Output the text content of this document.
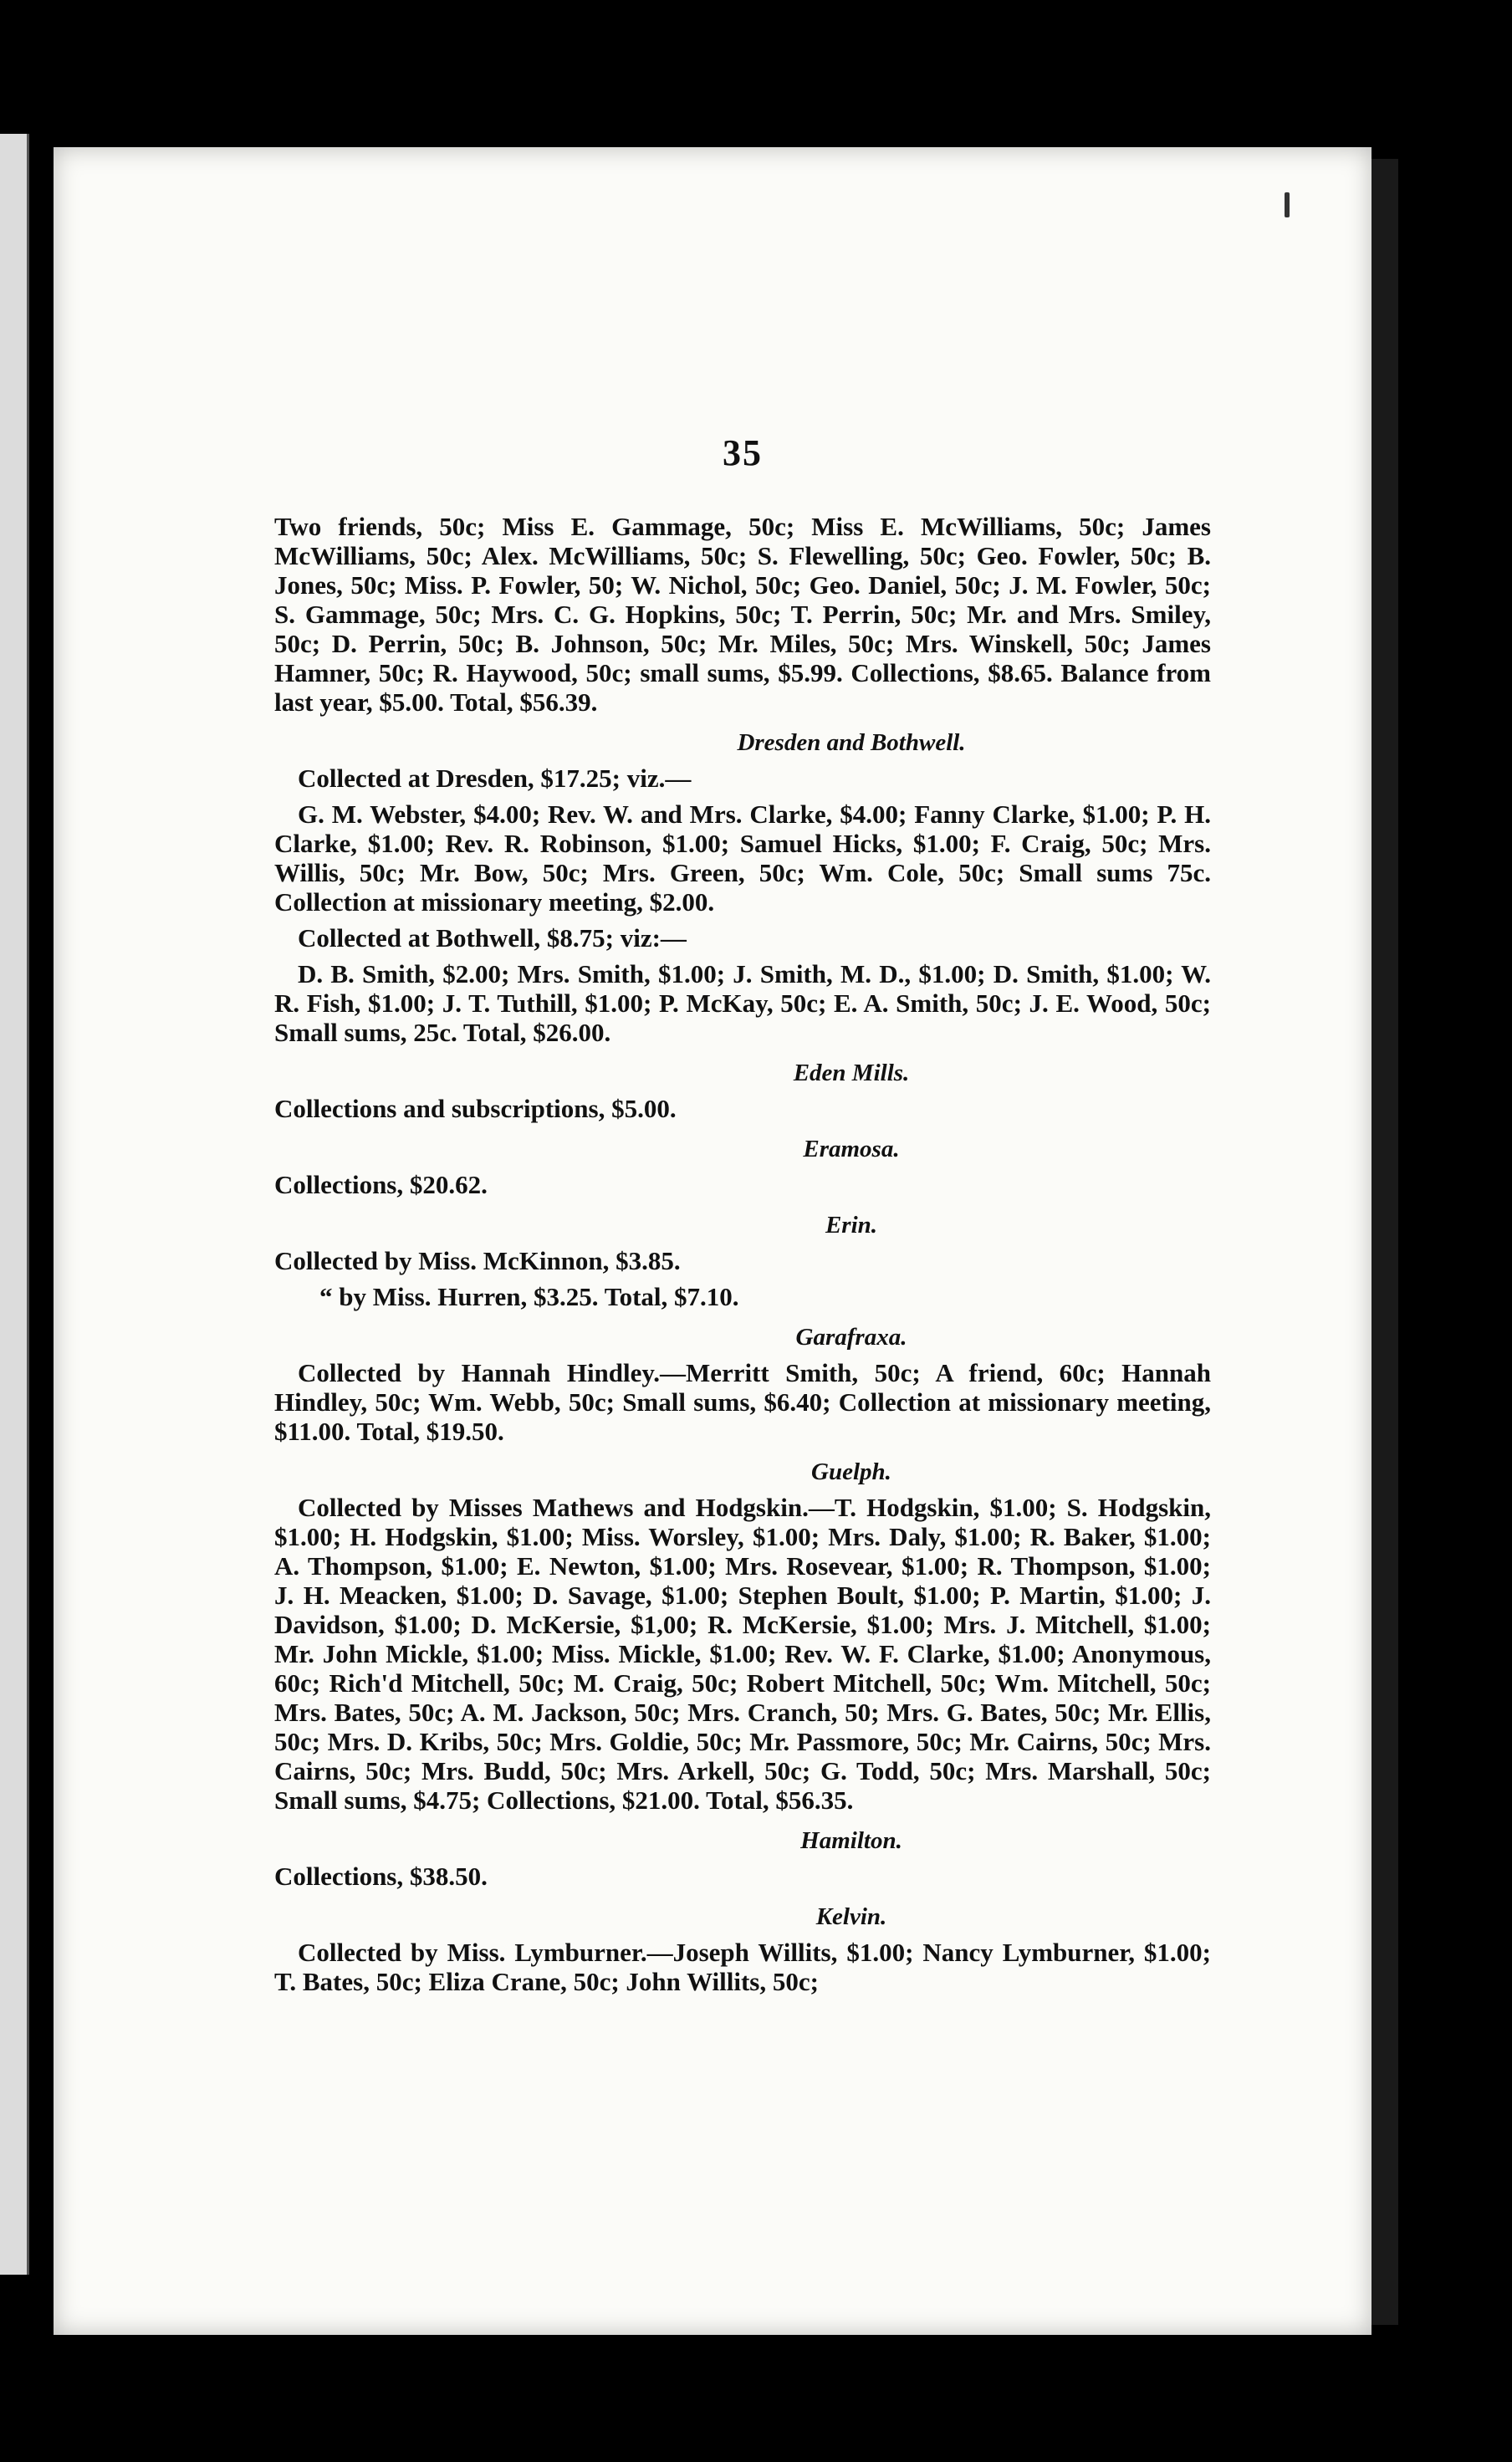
35

Two friends, 50c; Miss E. Gammage, 50c; Miss E. McWilliams, 50c; James McWilliams, 50c; Alex. McWilliams, 50c; S. Flewelling, 50c; Geo. Fowler, 50c; B. Jones, 50c; Miss. P. Fowler, 50; W. Nichol, 50c; Geo. Daniel, 50c; J. M. Fowler, 50c; S. Gammage, 50c; Mrs. C. G. Hopkins, 50c; T. Perrin, 50c; Mr. and Mrs. Smiley, 50c; D. Perrin, 50c; B. Johnson, 50c; Mr. Miles, 50c; Mrs. Winskell, 50c; James Hamner, 50c; R. Haywood, 50c; small sums, $5.99. Collections, $8.65. Balance from last year, $5.00. Total, $56.39.

Dresden and Bothwell.

Collected at Dresden, $17.25; viz.—

G. M. Webster, $4.00; Rev. W. and Mrs. Clarke, $4.00; Fanny Clarke, $1.00; P. H. Clarke, $1.00; Rev. R. Robinson, $1.00; Samuel Hicks, $1.00; F. Craig, 50c; Mrs. Willis, 50c; Mr. Bow, 50c; Mrs. Green, 50c; Wm. Cole, 50c; Small sums 75c. Collection at missionary meeting, $2.00.

Collected at Bothwell, $8.75; viz:—

D. B. Smith, $2.00; Mrs. Smith, $1.00; J. Smith, M. D., $1.00; D. Smith, $1.00; W. R. Fish, $1.00; J. T. Tuthill, $1.00; P. McKay, 50c; E. A. Smith, 50c; J. E. Wood, 50c; Small sums, 25c. Total, $26.00.

Eden Mills.

Collections and subscriptions, $5.00.

Eramosa.

Collections, $20.62.

Erin.

Collected by Miss. McKinnon, $3.85.

“ by Miss. Hurren, $3.25. Total, $7.10.

Garafraxa.

Collected by Hannah Hindley.—Merritt Smith, 50c; A friend, 60c; Hannah Hindley, 50c; Wm. Webb, 50c; Small sums, $6.40; Collection at missionary meeting, $11.00. Total, $19.50.

Guelph.

Collected by Misses Mathews and Hodgskin.—T. Hodgskin, $1.00; S. Hodgskin, $1.00; H. Hodgskin, $1.00; Miss. Worsley, $1.00; Mrs. Daly, $1.00; R. Baker, $1.00; A. Thompson, $1.00; E. Newton, $1.00; Mrs. Rosevear, $1.00; R. Thompson, $1.00; J. H. Meacken, $1.00; D. Savage, $1.00; Stephen Boult, $1.00; P. Martin, $1.00; J. Davidson, $1.00; D. McKersie, $1,00; R. McKersie, $1.00; Mrs. J. Mitchell, $1.00; Mr. John Mickle, $1.00; Miss. Mickle, $1.00; Rev. W. F. Clarke, $1.00; Anonymous, 60c; Rich'd Mitchell, 50c; M. Craig, 50c; Robert Mitchell, 50c; Wm. Mitchell, 50c; Mrs. Bates, 50c; A. M. Jackson, 50c; Mrs. Cranch, 50; Mrs. G. Bates, 50c; Mr. Ellis, 50c; Mrs. D. Kribs, 50c; Mrs. Goldie, 50c; Mr. Passmore, 50c; Mr. Cairns, 50c; Mrs. Cairns, 50c; Mrs. Budd, 50c; Mrs. Arkell, 50c; G. Todd, 50c; Mrs. Marshall, 50c; Small sums, $4.75; Collections, $21.00. Total, $56.35.

Hamilton.

Collections, $38.50.

Kelvin.

Collected by Miss. Lymburner.—Joseph Willits, $1.00; Nancy Lymburner, $1.00; T. Bates, 50c; Eliza Crane, 50c; John Willits, 50c;
